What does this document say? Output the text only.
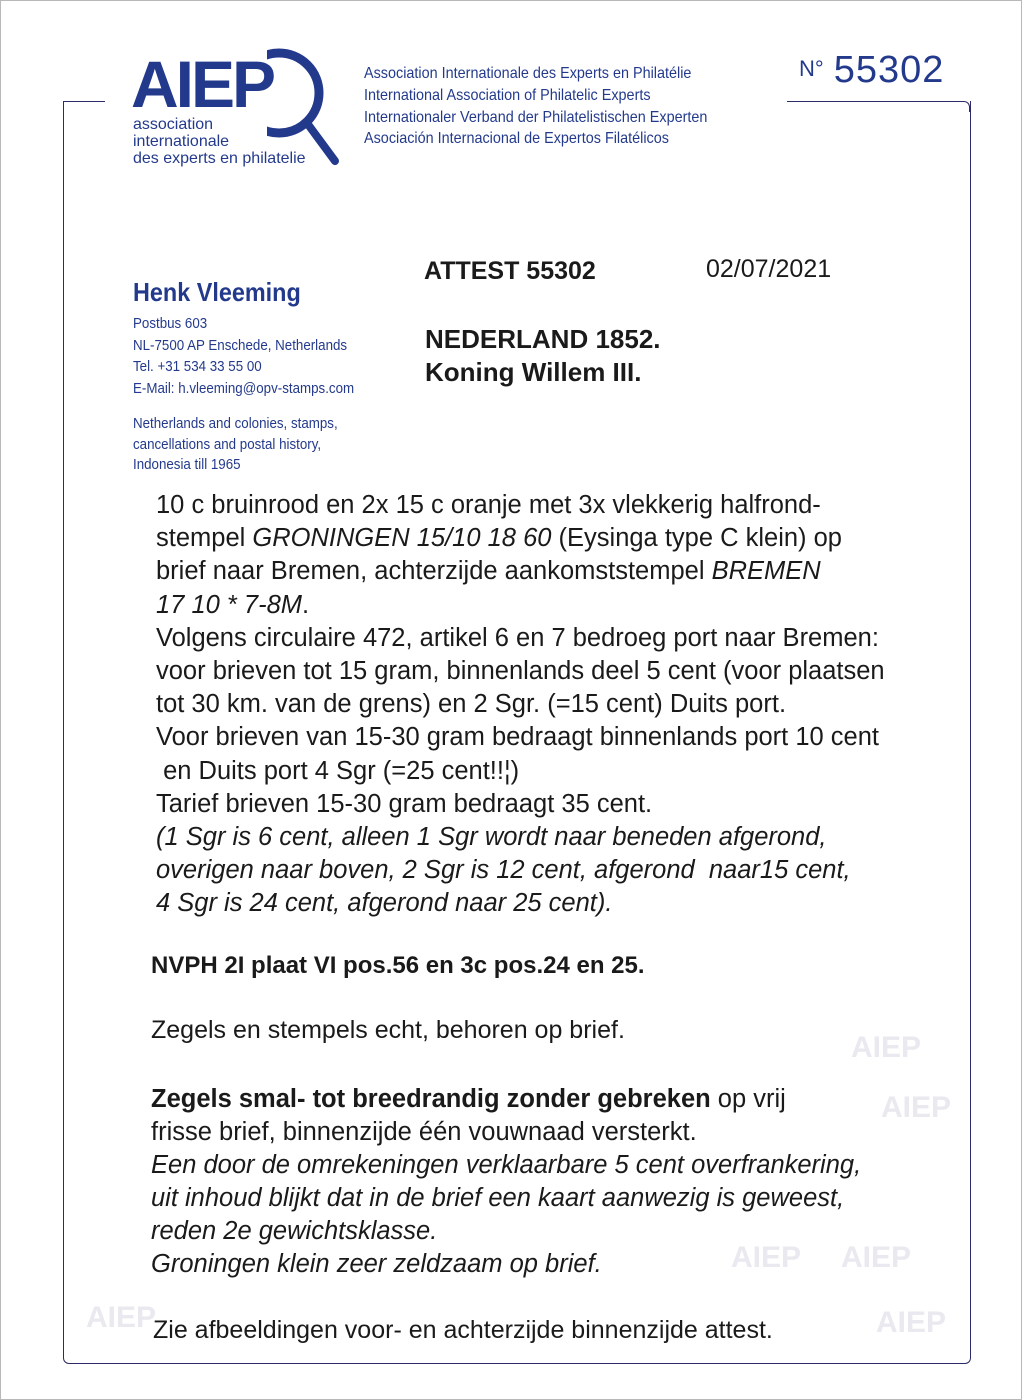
AIEP
AIEP
AIEP AIEP
AIEP	AIEP
AIEP
association
internationale
des experts en philatelie
Association Internationale des Experts en Philatélie
International Association of Philatelic Experts
Internationaler Verband der Philatelistischen Experten
Asociación Internacional de Expertos Filatélicos
N° 55302
Henk Vleeming
Postbus 603
NL-7500 AP Enschede, Netherlands
Tel. +31 534 33 55 00
E-Mail: h.vleeming@opv-stamps.com
Netherlands and colonies, stamps,
cancellations and postal history,
Indonesia till 1965
ATTEST 55302	02/07/2021
NEDERLAND 1852.
Koning Willem III.
10 c bruinrood en 2x 15 c oranje met 3x vlekkerig halfrond-
stempel GRONINGEN 15/10 18 60 (Eysinga type C klein) op
brief naar Bremen, achterzijde aankomststempel BREMEN
17 10 * 7-8M.
Volgens circulaire 472, artikel 6 en 7 bedroeg port naar Bremen:
voor brieven tot 15 gram, binnenlands deel 5 cent (voor plaatsen
tot 30 km. van de grens) en 2 Sgr. (=15 cent) Duits port.
Voor brieven van 15-30 gram bedraagt binnenlands port 10 cent
en Duits port 4 Sgr (=25 cent!!¦)
Tarief brieven 15-30 gram bedraagt 35 cent.
(1 Sgr is 6 cent, alleen 1 Sgr wordt naar beneden afgerond,
overigen naar boven, 2 Sgr is 12 cent, afgerond  naar15 cent,
4 Sgr is 24 cent, afgerond naar 25 cent).
NVPH 2I plaat VI pos.56 en 3c pos.24 en 25.
Zegels en stempels echt, behoren op brief.
Zegels smal- tot breedrandig zonder gebreken op vrij
frisse brief, binnenzijde één vouwnaad versterkt.
Een door de omrekeningen verklaarbare 5 cent overfrankering,
uit inhoud blijkt dat in de brief een kaart aanwezig is geweest,
reden 2e gewichtsklasse.
Groningen klein zeer zeldzaam op brief.
Zie afbeeldingen voor- en achterzijde binnenzijde attest.
